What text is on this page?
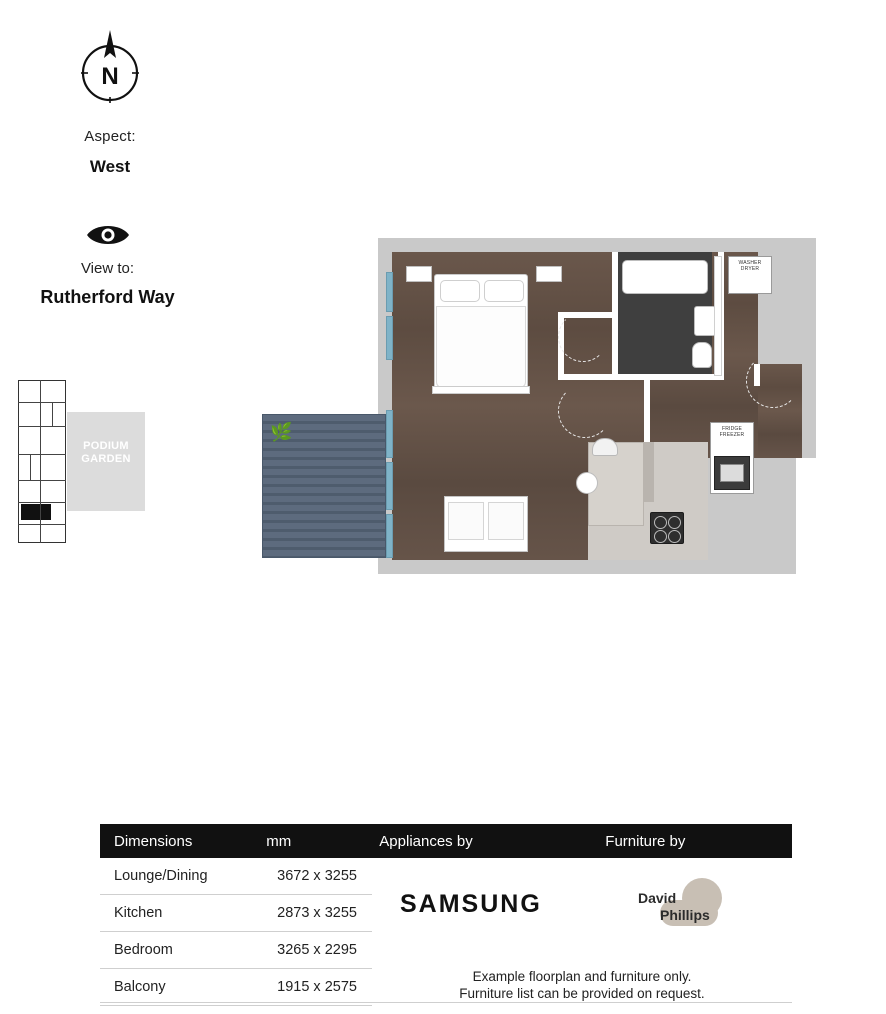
N
Aspect:
West
View to:
Rutherford Way
PODIUM
GARDEN
🌿
WASHER
DRYER
FRIDGE
FREEZER
Dimensions	mm	Appliances by	Furniture by
Lounge/Dining	3672 x 3255
Kitchen	2873 x 3255
Bedroom	3265 x 2295
Balcony	1915 x 2575
SAMSUNG	David
Phillips
Example floorplan and furniture only.
Furniture list can be provided on request.
